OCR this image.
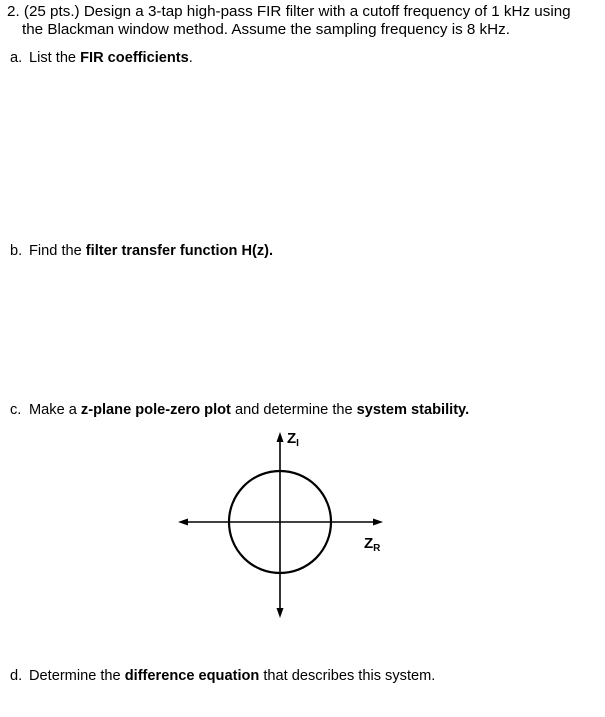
2. (25 pts.) Design a 3-tap high-pass FIR filter with a cutoff frequency of 1 kHz using
the Blackman window method. Assume the sampling frequency is 8 kHz.

a. List the FIR coefficients.

b. Find the filter transfer function H(z).

c. Make a z-plane pole-zero plot and determine the system stability.

$Z_I$
$Z_R$

d. Determine the difference equation that describes this system.
